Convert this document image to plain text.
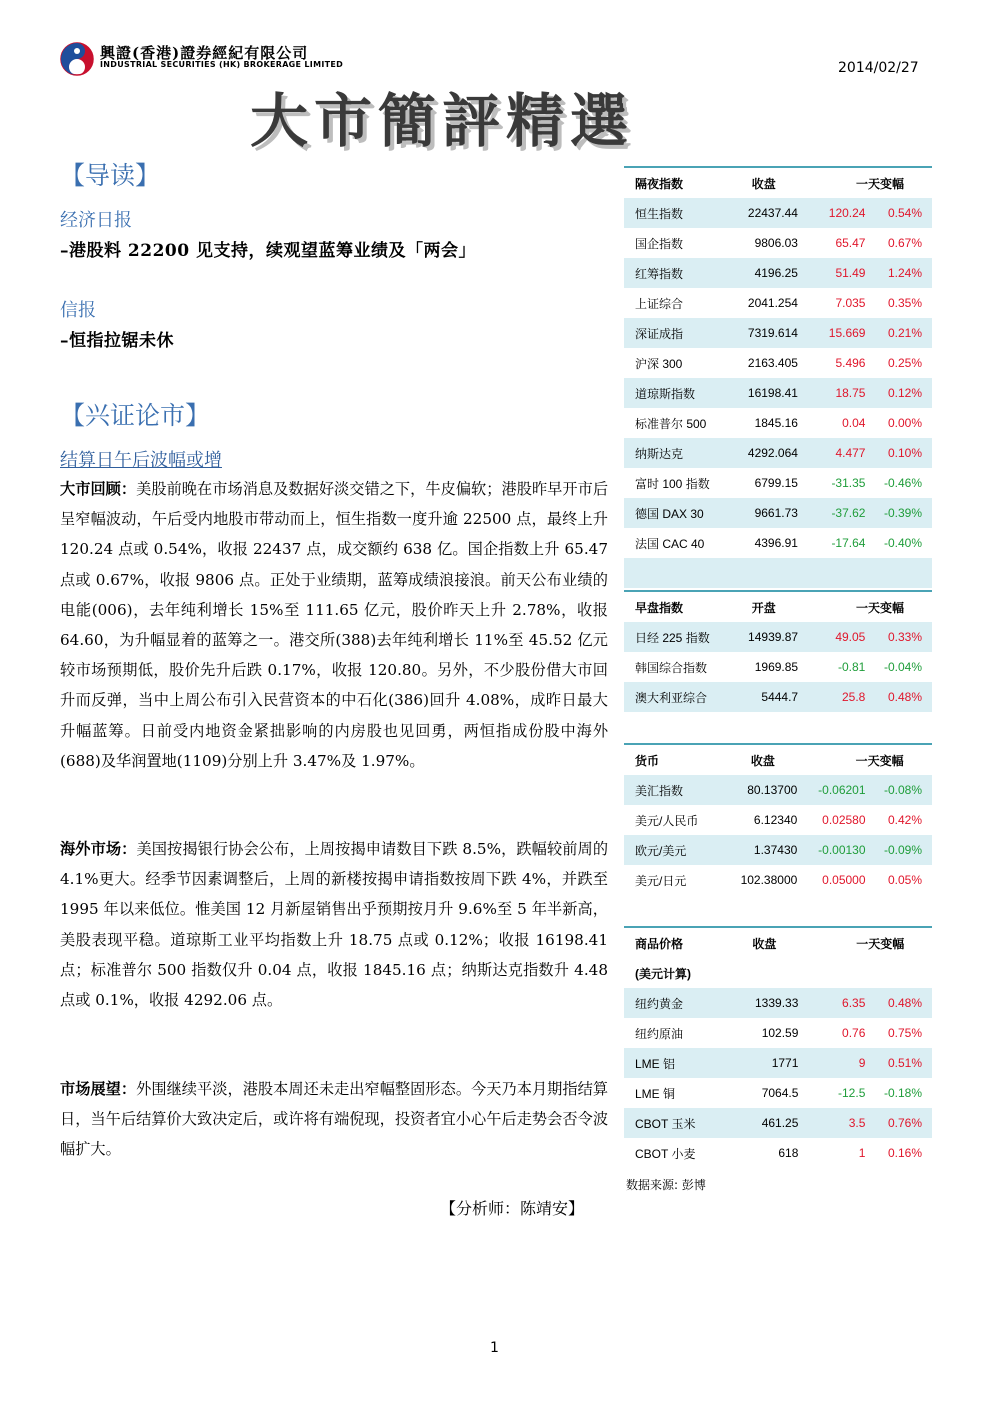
興證(香港)證券經紀有限公司
INDUSTRIAL SECURITIES (HK) BROKERAGE LIMITED	2014/02/27
大市簡評精選
【导读】
经济日报
–港股料 22200 见支持，续观望蓝筹业绩及「两会」
信报
–恒指拉锯未休
【兴证论市】
结算日午后波幅或增
大市回顾：美股前晚在市场消息及数据好淡交错之下，牛皮偏软；港股昨早开市后呈窄幅波动，午后受内地股市带动而上，恒生指数一度升逾 22500 点，最终上升 120.24 点或 0.54%，收报 22437 点，成交额约 638 亿。国企指数上升 65.47 点或 0.67%，收报 9806 点。正处于业绩期，蓝筹成绩浪接浪。前天公布业绩的电能(006)，去年纯利增长 15%至 111.65 亿元，股价昨天上升 2.78%，收报 64.60，为升幅显着的蓝筹之一。港交所(388)去年纯利增长 11%至 45.52 亿元较市场预期低，股价先升后跌 0.17%，收报 120.80。另外，不少股份借大市回升而反弹，当中上周公布引入民营资本的中石化(386)回升 4.08%，成昨日最大升幅蓝筹。日前受内地资金紧拙影响的内房股也见回勇，两恒指成份股中海外(688)及华润置地(1109)分别上升 3.47%及 1.97%。
海外市场：美国按揭银行协会公布，上周按揭申请数目下跌 8.5%，跌幅较前周的 4.1%更大。经季节因素调整后，上周的新楼按揭申请指数按周下跌 4%，并跌至 1995 年以来低位。惟美国 12 月新屋销售出乎预期按月升 9.6%至 5 年半新高，美股表现平稳。道琼斯工业平均指数上升 18.75 点或 0.12%；收报 16198.41 点；标准普尔 500 指数仅升 0.04 点，收报 1845.16 点；纳斯达克指数升 4.48 点或 0.1%，收报 4292.06 点。
市场展望：外围继续平淡，港股本周还未走出窄幅整固形态。今天乃本月期指结算日，当午后结算价大致决定后，或许将有端倪现，投资者宜小心午后走势会否令波幅扩大。
【分析师：陈靖安】
隔夜指数	收盘	一天变幅	
恒生指数	22437.44	120.24	0.54%
国企指数	9806.03	65.47	0.67%
红筹指数	4196.25	51.49	1.24%
上证综合	2041.254	7.035	0.35%
深证成指	7319.614	15.669	0.21%
沪深 300	2163.405	5.496	0.25%
道琼斯指数	16198.41	18.75	0.12%
标准普尔 500	1845.16	0.04	0.00%
纳斯达克	4292.064	4.477	0.10%
富时 100 指数	6799.15	-31.35	-0.46%
德国 DAX 30	9661.73	-37.62	-0.39%
法国 CAC 40	4396.91	-17.64	-0.40%

早盘指数	开盘	一天变幅	
日经 225 指数	14939.87	49.05	0.33%
韩国综合指数	1969.85	-0.81	-0.04%
澳大利亚综合	5444.7	25.8	0.48%
货币	收盘	一天变幅	
美汇指数	80.13700	-0.06201	-0.08%
美元/人民币	6.12340	0.02580	0.42%
欧元/美元	1.37430	-0.00130	-0.09%
美元/日元	102.38000	0.05000	0.05%
商品价格	收盘	一天变幅	
(美元计算)			
纽约黄金	1339.33	6.35	0.48%
纽约原油	102.59	0.76	0.75%
LME 铝	1771	9	0.51%
LME 铜	7064.5	-12.5	-0.18%
CBOT 玉米	461.25	3.5	0.76%
CBOT 小麦	618	1	0.16%
数据来源: 彭博
1
